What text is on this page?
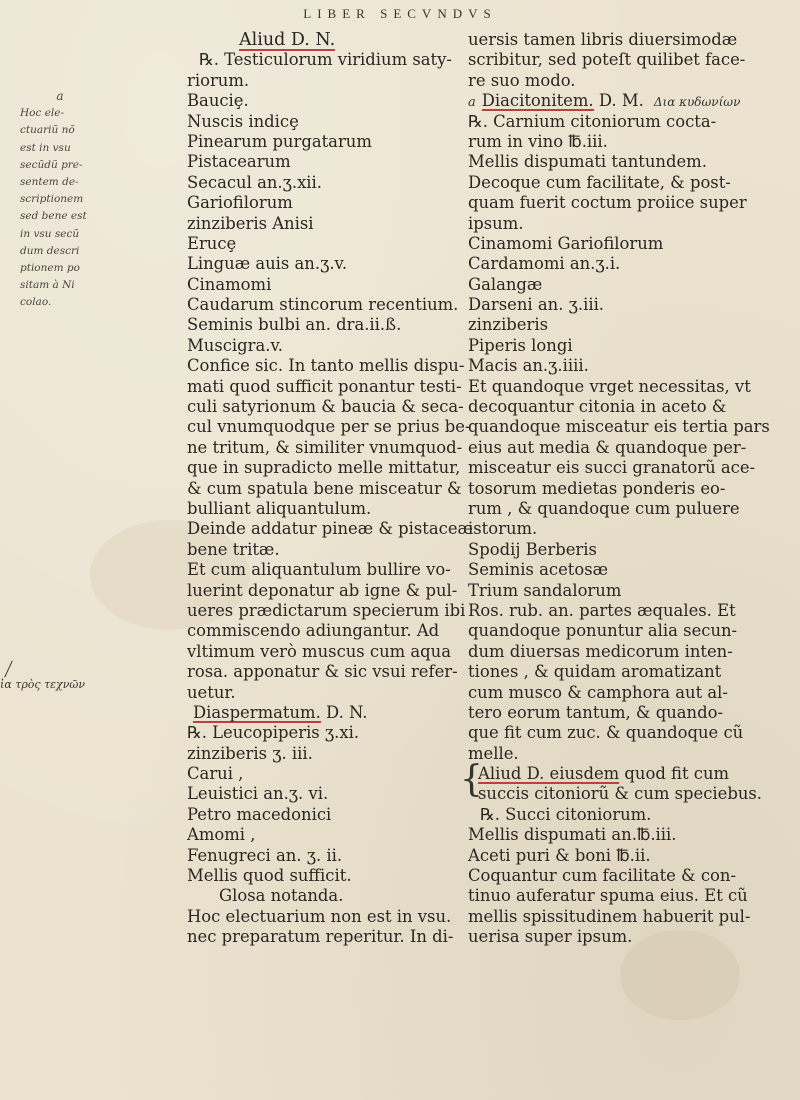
LIBER SECVNDVS
a
Hoc ele-
ctuariũ nõ
est in vsu
secũdũ pre-
sentem de-
scriptionem
sed bene est
in vsu secũ
dum descri
ptionem po
sitam à Ni
colao.
ἰα τρὸς τεχνῶν
Aliud D. N.
℞. Testiculorum viridium saty-
riorum.
Bauciȩ.
Nuscis indicȩ
Pinearum purgatarum
Pistacearum
Secacul an.ʒ.xii.
Gariofilorum
zinziberis Anisi
Erucȩ
Linguæ auis an.ʒ.v.
Cinamomi
Caudarum stincorum recentium.
Seminis bulbi an. dra.ii.ß.
Muscigra.v.
Confice sic. In tanto mellis dispu-
mati quod sufficit ponantur testi-
culi satyrionum & baucia & seca-
cul vnumquodque per se prius be-
ne tritum, & similiter vnumquod-
que in supradicto melle mittatur,
& cum spatula bene misceatur &
bulliant aliquantulum.
Deinde addatur pineæ & pistaceæ
bene tritæ.
Et cum aliquantulum bullire vo-
luerint deponatur ab igne & pul-
ueres prædictarum specierum ibi
commiscendo adiungantur. Ad
vltimum verò muscus cum aqua
rosa. apponatur & sic vsui refer-
uetur.
Diaspermatum. D. N.
℞. Leucopiperis ʒ.xi.
zinziberis ʒ. iii.
Carui ,
Leuistici an.ʒ. vi.
Petro macedonici
Amomi ,
Fenugreci an. ʒ. ii.
Mellis quod sufficit.
Glosa notanda.
Hoc electuarium non est in vsu.
nec preparatum reperitur. In di-
uersis tamen libris diuersimodæ
scribitur, sed poteſt quilibet face-
re suo modo.
a Diacitonitem. D. M. Δια κυδωνίων
℞. Carnium citoniorum cocta-
rum in vino ℔.iii.
Mellis dispumati tantundem.
Decoque cum facilitate, & post-
quam fuerit coctum proiice super
ipsum.
Cinamomi Gariofilorum
Cardamomi an.ʒ.i.
Galangæ
Darseni an. ʒ.iii.
zinziberis
Piperis longi
Macis an.ʒ.iiii.
Et quandoque vrget necessitas, vt
decoquantur citonia in aceto &
quandoque misceatur eis tertia pars
eius aut media & quandoque per-
misceatur eis succi granatorũ ace-
tosorum medietas ponderis eo-
rum , & quandoque cum puluere
istorum.
Spodij Berberis
Seminis acetosæ
Trium sandalorum
Ros. rub. an. partes æquales. Et
quandoque ponuntur alia secun-
dum diuersas medicorum inten-
tiones , & quidam aromatizant
cum musco & camphora aut al-
tero eorum tantum, & quando-
que fit cum zuc. & quandoque cũ
melle.
Aliud D. eiusdem quod fit cum
{
succis citoniorũ & cum speciebus.
℞. Succi citoniorum.
Mellis dispumati an.℔.iii.
Aceti puri & boni ℔.ii.
Coquantur cum facilitate & con-
tinuo auferatur spuma eius. Et cũ
mellis spissitudinem habuerit pul-
uerisa super ipsum.
